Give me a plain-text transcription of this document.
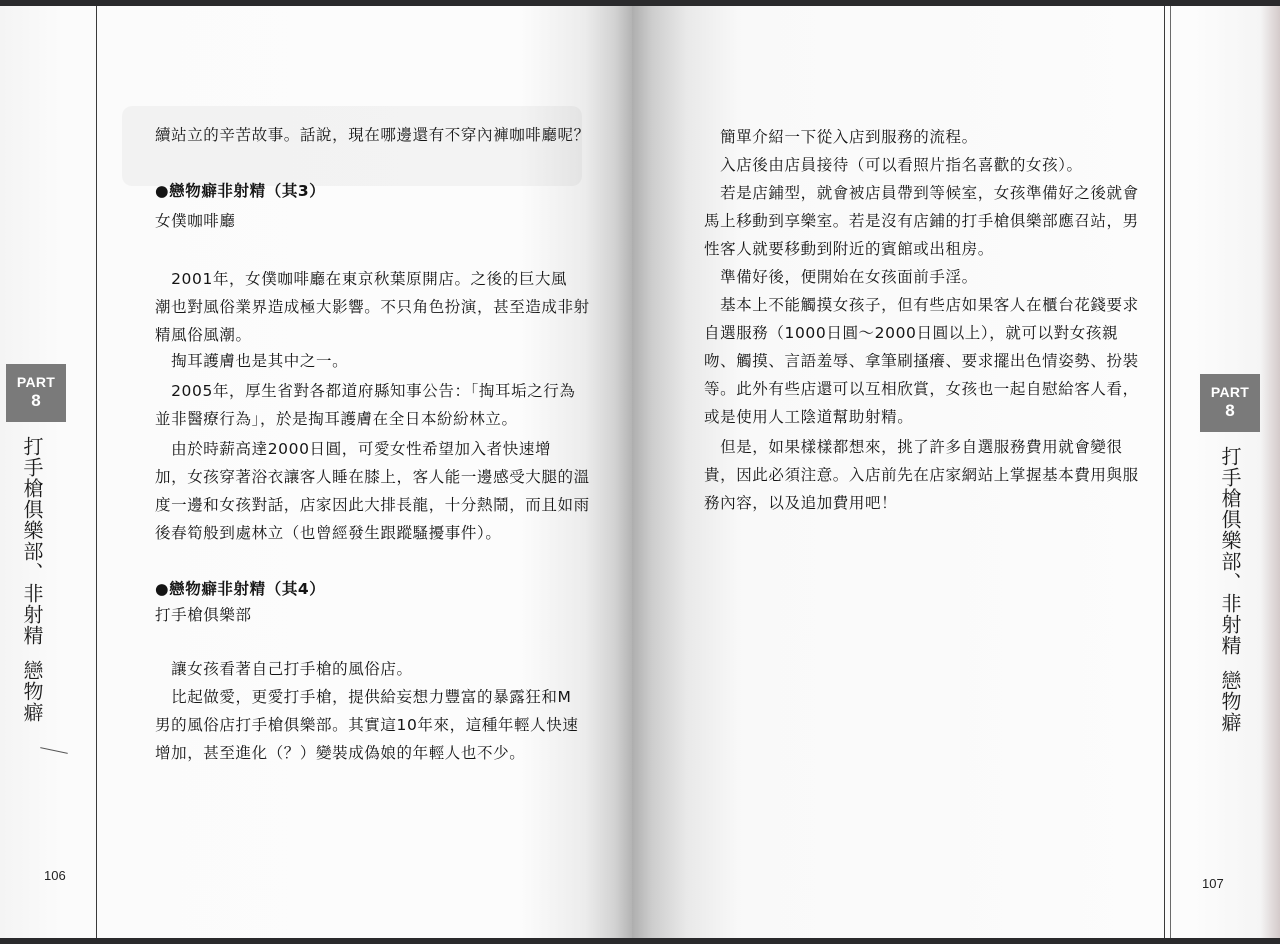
PART
8
打手槍俱樂部、非射精戀物癖
續站立的辛苦故事。話說，現在哪邊還有不穿內褲咖啡廳呢？
●戀物癖非射精（其3）
女僕咖啡廳
　2001年，女僕咖啡廳在東京秋葉原開店。之後的巨大風
潮也對風俗業界造成極大影響。不只角色扮演，甚至造成非射
精風俗風潮。
　掏耳護膚也是其中之一。
　2005年，厚生省對各都道府縣知事公告：「掏耳垢之行為
並非醫療行為」，於是掏耳護膚在全日本紛紛林立。
　由於時薪高達2000日圓，可愛女性希望加入者快速增
加，女孩穿著浴衣讓客人睡在膝上，客人能一邊感受大腿的溫
度一邊和女孩對話，店家因此大排長龍，十分熱鬧，而且如雨
後春筍般到處林立（也曾經發生跟蹤騷擾事件）。
●戀物癖非射精（其4）
打手槍俱樂部
　讓女孩看著自己打手槍的風俗店。
　比起做愛，更愛打手槍，提供給妄想力豐富的暴露狂和M
男的風俗店打手槍俱樂部。其實這10年來，這種年輕人快速
增加，甚至進化（？）變裝成偽娘的年輕人也不少。
106
　簡單介紹一下從入店到服務的流程。
　入店後由店員接待（可以看照片指名喜歡的女孩）。
　若是店鋪型，就會被店員帶到等候室，女孩準備好之後就會
馬上移動到享樂室。若是沒有店鋪的打手槍俱樂部應召站，男
性客人就要移動到附近的賓館或出租房。
　準備好後，便開始在女孩面前手淫。
　基本上不能觸摸女孩子，但有些店如果客人在櫃台花錢要求
自選服務（1000日圓〜2000日圓以上），就可以對女孩親
吻、觸摸、言語羞辱、拿筆刷搔癢、要求擺出色情姿勢、扮裝
等。此外有些店還可以互相欣賞，女孩也一起自慰給客人看，
或是使用人工陰道幫助射精。
　但是，如果樣樣都想來，挑了許多自選服務費用就會變很
貴，因此必須注意。入店前先在店家網站上掌握基本費用與服
務內容，以及追加費用吧！
PART
8
打手槍俱樂部、非射精戀物癖
107
